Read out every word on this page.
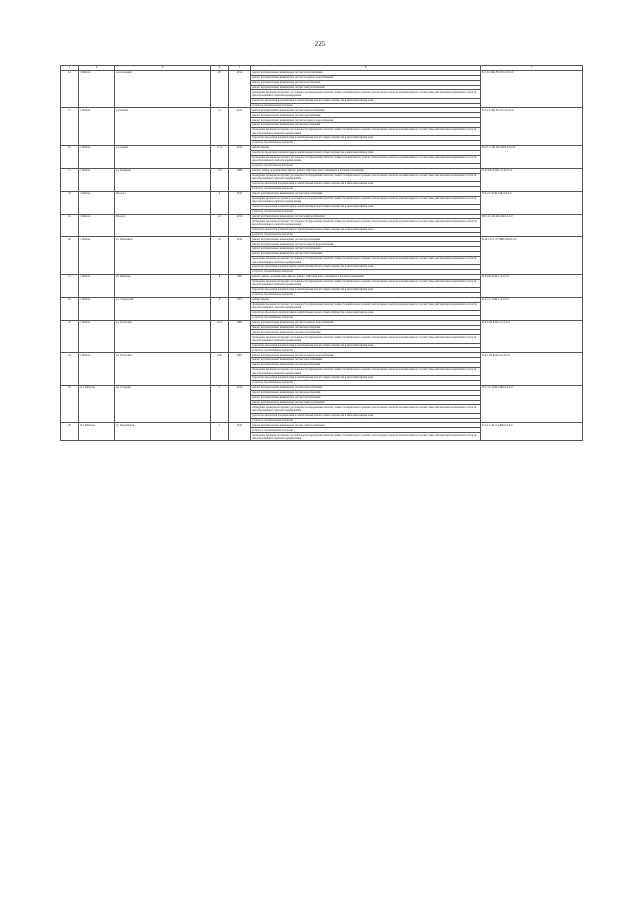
225
1	2	3	4	5	6	7
14	г. Шахты	р-н Азовский	26	2014	ремонт внутридомовых инженерных систем теплоснабжения	Б-5-3-С-Бф-Н-СЛ-0-0-0-0-0
					ремонт внутридомовых инженерных систем холодного водоснабжения	
					ремонт внутридомовых инженерных систем водоотведения	
					ремонт внутридомовых инженерных систем электроснабжения	
					проведение проверки на предмет достоверности определения сметной стоимости капитального ремонта или проверка сметной документации на соответствие действующим нормативам в области ценообразования в сметном нормировании	
					разработка проектной документации на капитальный ремонт общего имущества в многоквартирном доме	
					услуги по строительному контролю	
15	г. Шахты	р-н Левый	27	2014	ремонт внутридомовых инженерных систем электроснабжения	Б-5-4-С-Бф-Н-СЛ-0-0-0-0-0
					ремонт внутридомовых инженерных систем газоснабжения	
					ремонт внутридомовых инженерных систем холодного водоснабжения	
					ремонт внутридомовых инженерных систем водоотведения	
					проведение проверки на предмет достоверности определения сметной стоимости капитального ремонта или проверка сметной документации на соответствие действующим нормативам в области ценообразования в сметном нормировании	
					разработка проектной документации на капитальный ремонт общего имущества в многоквартирном доме	
					услуги по строительному контролю	
16	г. Шахты	р-н Левый	17 А	2012	ремонт крыши	Б-6-3-С-Пп-Ш-СЖ-Б-0-0-0-0
					разработка проектной документации на капитальный ремонт общего имущества в многоквартирном доме	
					проведение проверки на предмет достоверности определения сметной стоимости капитального ремонта или проверка сметной документации на соответствие действующим нормативам в области ценообразования в сметном нормировании	
					услуги по строительному контролю	
17	г. Шахты	ул. Полярная	173	1988	ремонт, замена, модернизация лифтов, ремонт лифтовых шахт, машинных и блочных помещений	П-9-3-Н-Д-Ш-С-Л-Б-0-0-0
					проведение проверки на предмет достоверности определения сметной стоимости капитального ремонта или проверка сметной документации на соответствие действующим нормативам в области ценообразования в сметном нормировании	
					разработка проектной документации на капитальный ремонт общего имущества в многоквартирном доме	
					услуги по строительному контролю	
18	г. Шахты	Проезд 1	4	2012	ремонт внутридомовых инженерных систем теплоснабжения	П-2-2-С-Е-Ш-СЖ-0-0-0-0
					проведение проверки на предмет достоверности определения сметной стоимости капитального ремонта или проверка сметной документации на соответствие действующим нормативам в области ценообразования в сметном нормировании	
					разработка проектной документации на капитальный ремонт общего имущества в многоквартирном доме	
					услуги по строительному контролю	
19	г. Шахты	Проезд 1	16	2016	ремонт внутридомовых инженерных систем электроснабжения	Ш-3-3-С-Ф-Ш-СЖ-0-0-0-0
					проведение проверки на предмет достоверности определения сметной стоимости капитального ремонта или проверка сметной документации на соответствие действующим нормативам в области ценообразования в сметном нормировании	
					разработка проектной документации на капитальный ремонт общего имущества в многоквартирном доме	
					услуги по строительному контролю	
20	г. Шахты	ул. Понтонная	16	2010	ремонт внутридомовых инженерных систем водоотведения	Б-16-1-Е-С-Т-СЖБ-П-М-0-0-0
					ремонт внутридомовых инженерных систем холодного водоснабжения	
					ремонт внутридомовых инженерных систем газоснабжения	
					ремонт внутридомовых инженерных систем теплоснабжения	
					проведение проверки на предмет достоверности определения сметной стоимости капитального ремонта или проверка сметной документации на соответствие действующим нормативам в области ценообразования в сметном нормировании	
					разработка проектной документации на капитальный ремонт общего имущества в многоквартирном доме	
					услуги по строительному контролю	
21	г. Шахты	ул. Ремизова	8	1997	ремонт, замена, модернизация лифтов, ремонт лифтовых шахт, машинных и блочных помещений	П-9-6-П-Б-Ш-С-0-0-0-0
					проведение проверки на предмет достоверности определения сметной стоимости капитального ремонта или проверка сметной документации на соответствие действующим нормативам в области ценообразования в сметном нормировании	
					разработка проектной документации на капитальный ремонт общего имущества в многоквартирном доме	
					услуги по строительному контролю	
22	г. Шахты	ул. Строителей	6	1977	ремонт крыши	К-4-1-С-С-Ш-С-0-0-0-0
					проведение проверки на предмет достоверности определения сметной стоимости капитального ремонта или проверка сметной документации на соответствие действующим нормативам в области ценообразования в сметном нормировании	
					разработка проектной документации на капитальный ремонт общего имущества в многоквартирном доме	
					услуги по строительному контролю	
23	г. Шахты	ул. Уральская	10 А	2004	ремонт внутридомовых инженерных систем холодного водоснабжения	К-6-3-Ш-Б-Ш-С-0-0-0-0
					ремонт внутридомовых инженерных систем водоотведения	
					ремонт внутридомовых инженерных систем газоснабжения	
					проведение проверки на предмет достоверности определения сметной стоимости капитального ремонта или проверка сметной документации на соответствие действующим нормативам в области ценообразования в сметном нормировании	
					разработка проектной документации на капитальный ремонт общего имущества в многоквартирном доме	
					услуги по строительному контролю	
24	г. Шахты	ул. Уральская	10 Б	2005	ремонт внутридомовых инженерных систем холодного водоснабжения	К-6-1-Ш-Б-Ш-С-0-0-0-0
					ремонт внутридомовых инженерных систем теплоснабжения	
					ремонт внутридомовых инженерных систем водоотведения	
					проведение проверки на предмет достоверности определения сметной стоимости капитального ремонта или проверка сметной документации на соответствие действующим нормативам в области ценообразования в сметном нормировании	
					разработка проектной документации на капитальный ремонт общего имущества в многоквартирном доме	
					услуги по строительному контролю	
25	пгт. Шахтель	пр. Гагарина	2	2016	ремонт внутридомовых инженерных систем теплоснабжения	П-3-3-С-Б-Ш-СЖБ-0-0-0-0
					ремонт внутридомовых инженерных систем водоотведения	
					ремонт внутридомовых инженерных систем газоснабжения	
					ремонт внутридомовых инженерных систем электроснабжения	
					проведение проверки на предмет достоверности определения сметной стоимости капитального ремонта или проверка сметной документации на соответствие действующим нормативам в области ценообразования в сметном нормировании	
					разработка проектной документации на капитальный ремонт общего имущества в многоквартирном доме	
					услуги по строительному контролю	
26	пгт. Шахтель	ул. Гвардейская	2	2012	ремонт внутридомовых инженерных систем электроснабжения	Б-3-4-С-Ш-Т-СЖБ-0-0-0-0
					услуги по строительному контролю	
					проведение проверки на предмет достоверности определения сметной стоимости капитального ремонта или проверка сметной документации на соответствие действующим нормативам в области ценообразования в сметном нормировании	
